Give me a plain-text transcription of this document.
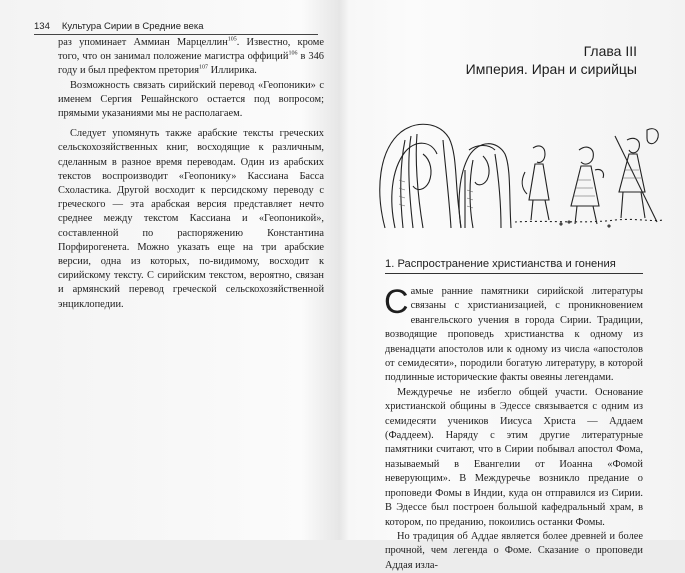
134 Культура Сирии в Средние века

раз упоминает Аммиан Марцеллин$^{105}$. Известно, кроме того, что он занимал положение магистра оффиций$^{106}$ в 346 году и был префектом претория$^{107}$ Иллирика.

Возможность связать сирийский перевод «Геопоники» с именем Сергия Решайнского остается под вопросом; прямыми указаниями мы не располагаем.

Следует упомянуть также арабские тексты греческих сельскохозяйственных книг, восходящие к различным, сделанным в разное время переводам. Один из арабских текстов воспроизводит «Геопонику» Кассиана Басса Схоластика. Другой восходит к персидскому переводу с греческого — эта арабская версия представляет нечто среднее между текстом Кассиана и «Геопоникой», составленной по распоряжению Константина Порфирогенета. Можно указать еще на три арабские версии, одна из которых, по-видимому, восходит к сирийскому тексту. С сирийским текстом, вероятно, связан и армянский перевод греческой сельскохозяйственной энциклопедии.

Глава III
Империя. Иран и сирийцы
1. Распространение христианства и гонения

Самые ранние памятники сирийской литературы связаны с христианизацией, с проникновением евангельского учения в города Сирии. Традиции, возводящие проповедь христианства к одному из двенадцати апостолов или к одному из числа «апостолов от семидесяти», породили богатую литературу, в которой подлинные исторические факты овеяны легендами.

Междуречье не избегло общей участи. Основание христианской общины в Эдессе связывается с одним из семидесяти учеников Иисуса Христа — Аддаем (Фаддеем). Наряду с этим другие литературные памятники считают, что в Сирии побывал апостол Фома, называемый в Евангелии от Иоанна «Фомой неверующим». В Междуречье возникло предание о проповеди Фомы в Индии, куда он отправился из Сирии. В Эдессе был построен большой кафедральный храм, в котором, по преданию, покоились останки Фомы.

Но традиция об Аддае является более древней и более прочной, чем легенда о Фоме. Сказание о проповеди Аддая изла-
